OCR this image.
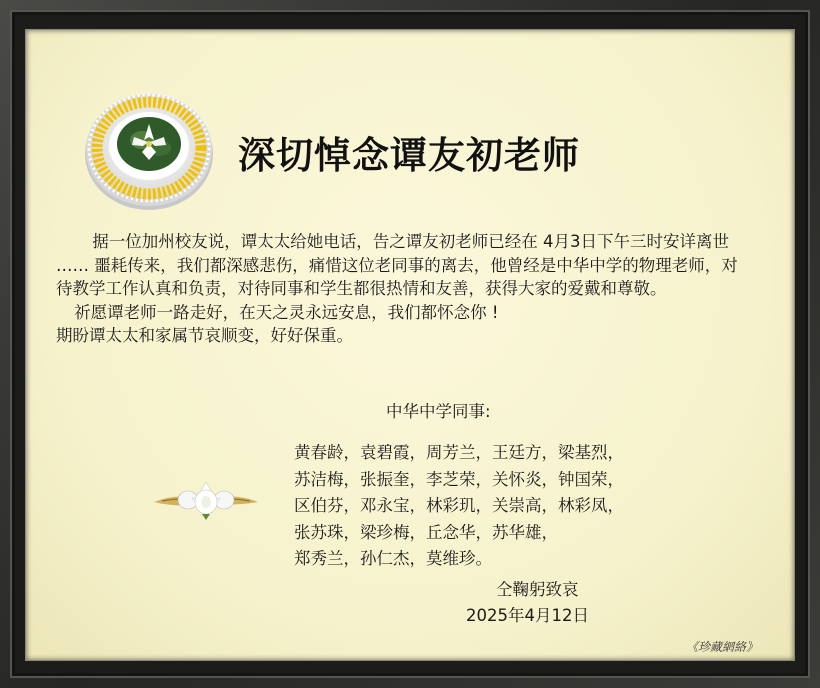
深切悼念谭友初老师

据一位加州校友说，谭太太给她电话，告之谭友初老师已经在 4月3日下午三时安详离世 …… 噩耗传来，我们都深感悲伤，痛惜这位老同事的离去，他曾经是中华中学的物理老师，对待教学工作认真和负责，对待同事和学生都很热情和友善，获得大家的爱戴和尊敬。

祈愿谭老师一路走好，在天之灵永远安息，我们都怀念你 !

期盼谭太太和家属节哀顺变，好好保重。

中华中学同事:
黄春龄，袁碧霞，周芳兰，王廷方，梁基烈，
苏洁梅，张振奎，李芝荣，关怀炎，钟国荣，
区伯芬，邓永宝，林彩玑，关崇高，林彩凤，
张苏珠，梁珍梅，丘念华，苏华雄，
郑秀兰，孙仁杰，莫维珍。
仝鞠躬致哀
2025年4月12日
《珍藏網絡》
